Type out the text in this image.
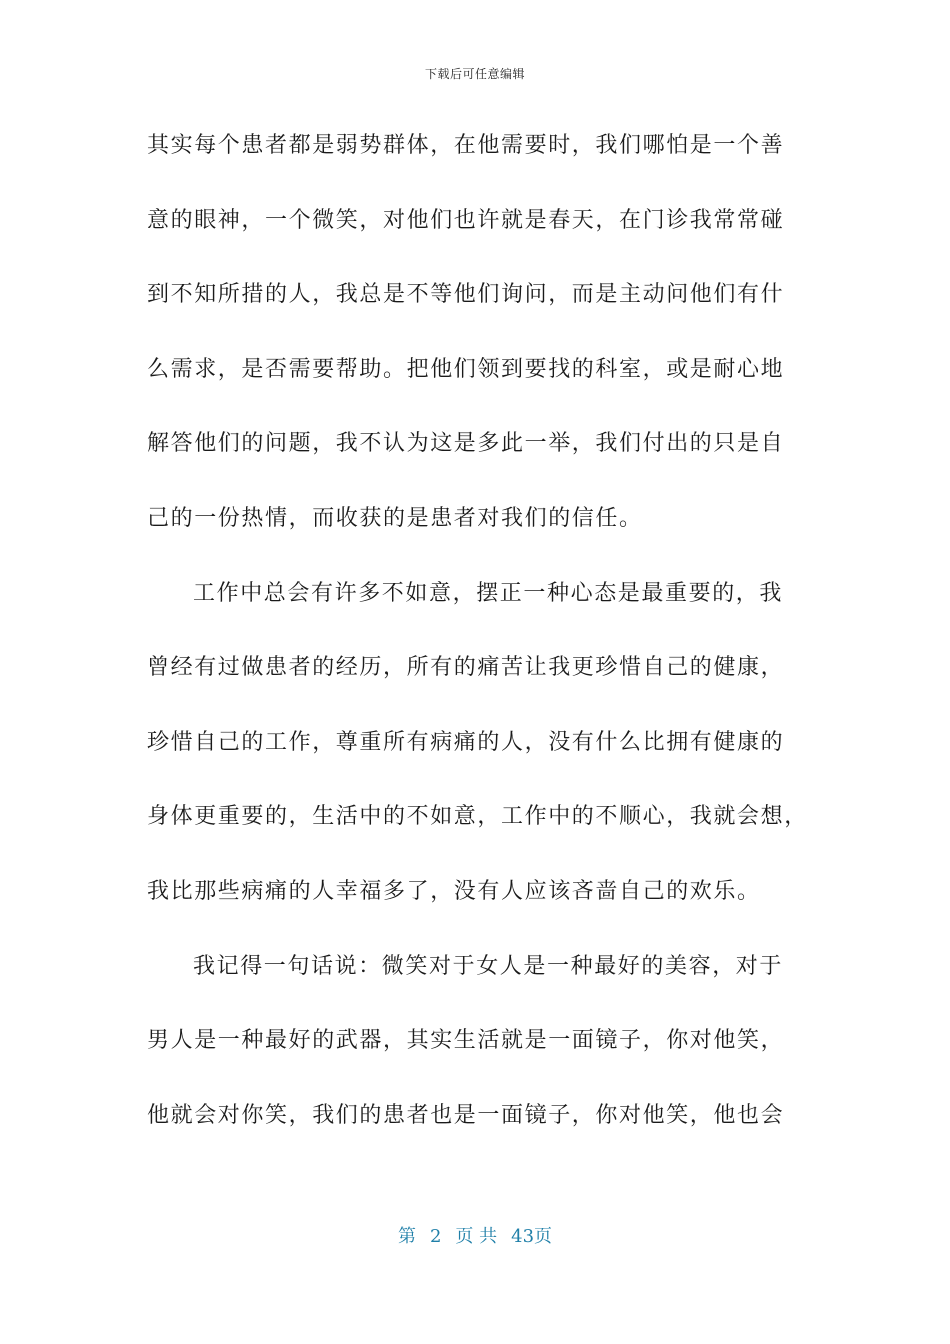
下载后可任意编辑
其实每个患者都是弱势群体，在他需要时，我们哪怕是一个善
意的眼神，一个微笑，对他们也许就是春天，在门诊我常常碰
到不知所措的人，我总是不等他们询问，而是主动问他们有什
么需求，是否需要帮助。把他们领到要找的科室，或是耐心地
解答他们的问题，我不认为这是多此一举，我们付出的只是自
己的一份热情，而收获的是患者对我们的信任。
工作中总会有许多不如意，摆正一种心态是最重要的，我
曾经有过做患者的经历，所有的痛苦让我更珍惜自己的健康，
珍惜自己的工作，尊重所有病痛的人，没有什么比拥有健康的
身体更重要的，生活中的不如意，工作中的不顺心，我就会想，
我比那些病痛的人幸福多了，没有人应该吝啬自己的欢乐。
我记得一句话说：微笑对于女人是一种最好的美容，对于
男人是一种最好的武器，其实生活就是一面镜子，你对他笑，
他就会对你笑，我们的患者也是一面镜子，你对他笑，他也会
第 2 页 共 43页
